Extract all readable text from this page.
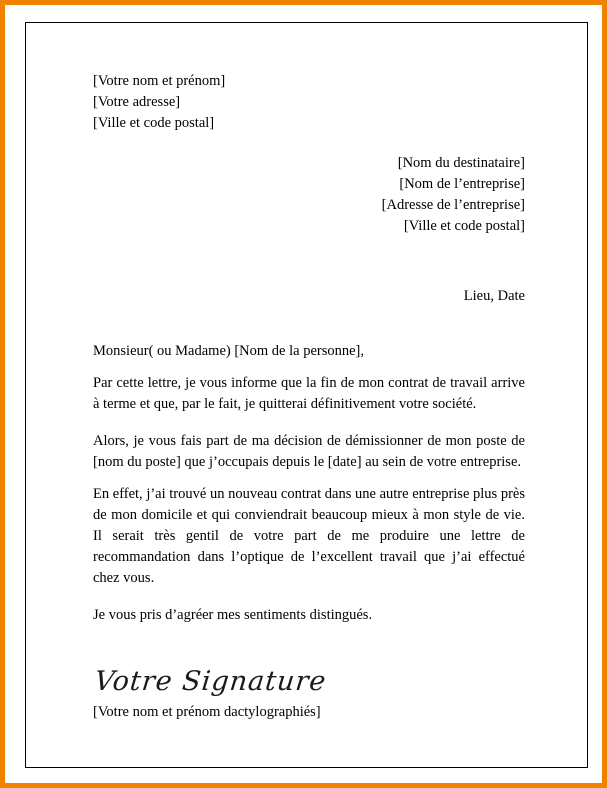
[Votre nom et prénom]
[Votre adresse]
[Ville et code postal]
[Nom du destinataire]
[Nom de l’entreprise]
[Adresse de l’entreprise]
[Ville et code postal]
Lieu, Date
Monsieur( ou Madame) [Nom de la personne],

Par cette lettre, je vous informe que la fin de mon contrat de travail arrive à terme et que, par le fait, je quitterai définitivement votre société.

Alors, je vous fais part de ma décision de démissionner de mon poste de [nom du poste] que j’occupais depuis le [date] au sein de votre entreprise.

En effet, j’ai trouvé un nouveau contrat dans une autre entreprise plus près de mon domicile et qui conviendrait beaucoup mieux à mon style de vie. Il serait très gentil de votre part de me produire une lettre de recommandation dans l’optique de l’excellent travail que j’ai effectué chez vous.

Je vous pris d’agréer mes sentiments distingués.
Votre Signature
[Votre nom et prénom dactylographiés]
